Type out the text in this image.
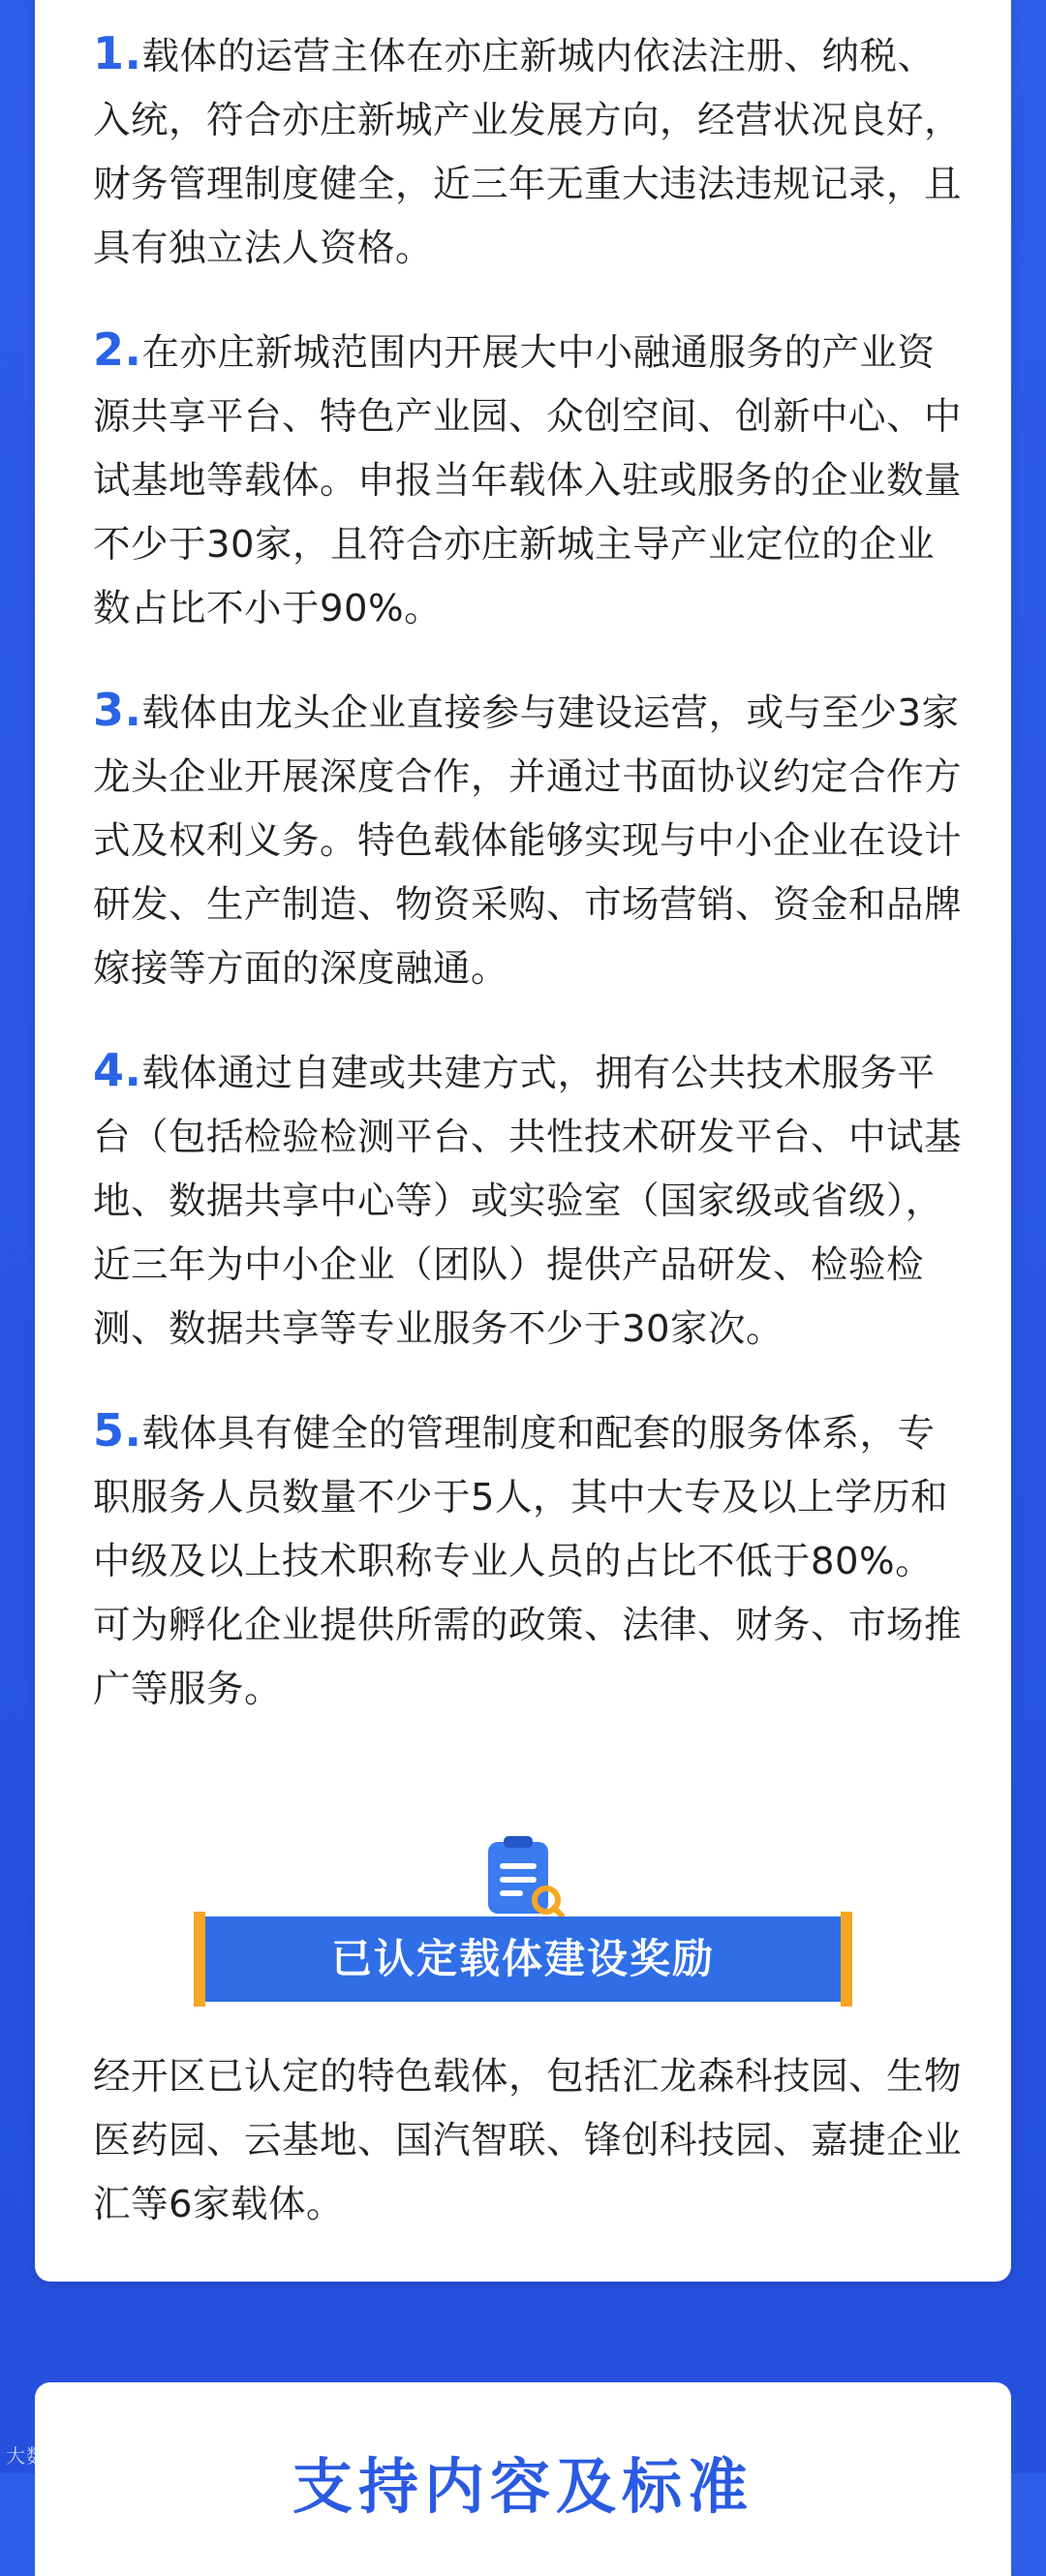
1.载体的运营主体在亦庄新城内依法注册、纳税、入统，符合亦庄新城产业发展方向，经营状况良好，财务管理制度健全，近三年无重大违法违规记录，且具有独立法人资格。
2.在亦庄新城范围内开展大中小融通服务的产业资源共享平台、特色产业园、众创空间、创新中心、中试基地等载体。申报当年载体入驻或服务的企业数量不少于30家，且符合亦庄新城主导产业定位的企业数占比不小于90%。
3.载体由龙头企业直接参与建设运营，或与至少3家龙头企业开展深度合作，并通过书面协议约定合作方式及权利义务。特色载体能够实现与中小企业在设计研发、生产制造、物资采购、市场营销、资金和品牌嫁接等方面的深度融通。
4.载体通过自建或共建方式，拥有公共技术服务平台（包括检验检测平台、共性技术研发平台、中试基地、数据共享中心等）或实验室（国家级或省级），近三年为中小企业（团队）提供产品研发、检验检测、数据共享等专业服务不少于30家次。
5.载体具有健全的管理制度和配套的服务体系，专职服务人员数量不少于5人，其中大专及以上学历和中级及以上技术职称专业人员的占比不低于80%。可为孵化企业提供所需的政策、法律、财务、市场推广等服务。
已认定载体建设奖励
经开区已认定的特色载体，包括汇龙森科技园、生物医药园、云基地、国汽智联、锋创科技园、嘉捷企业汇等6家载体。
支持内容及标准
大数跨境
